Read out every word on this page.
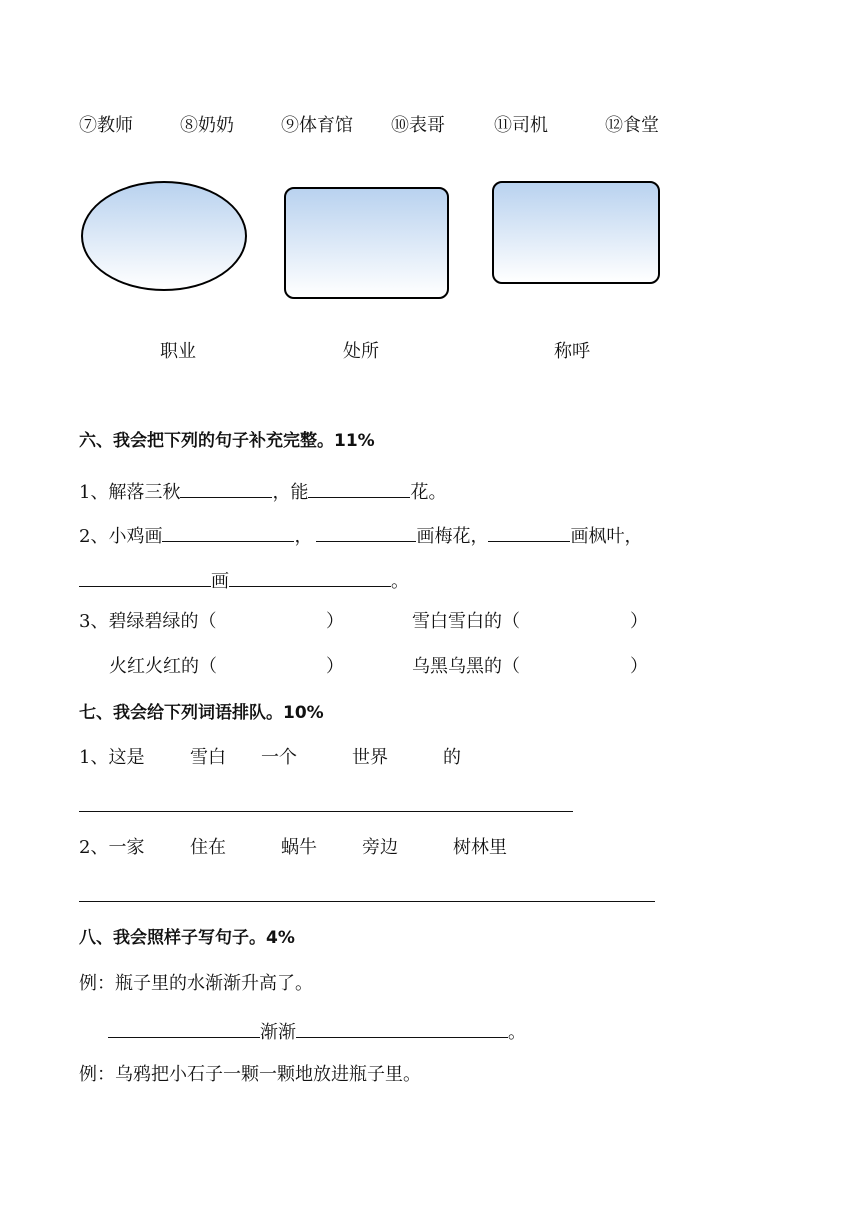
⑦教师	⑧奶奶	⑨体育馆 ⑩表哥	⑪司机	⑫食堂
职业	处所	称呼
六、我会把下列的句子补充完整。11%
1、解落三秋	，能	花。
2、小鸡画	，	画梅花，	画枫叶，
画	。
3、碧绿碧绿的（	）	雪白雪白的（	）
火红火红的（	）	乌黑乌黑的（	）
七、我会给下列词语排队。10%
1、这是	雪白 一个	世界	的
2、一家	住在	蜗牛	旁边	树林里
八、我会照样子写句子。4%
例：瓶子里的水渐渐升高了。
渐渐	。
例：乌鸦把小石子一颗一颗地放进瓶子里。
